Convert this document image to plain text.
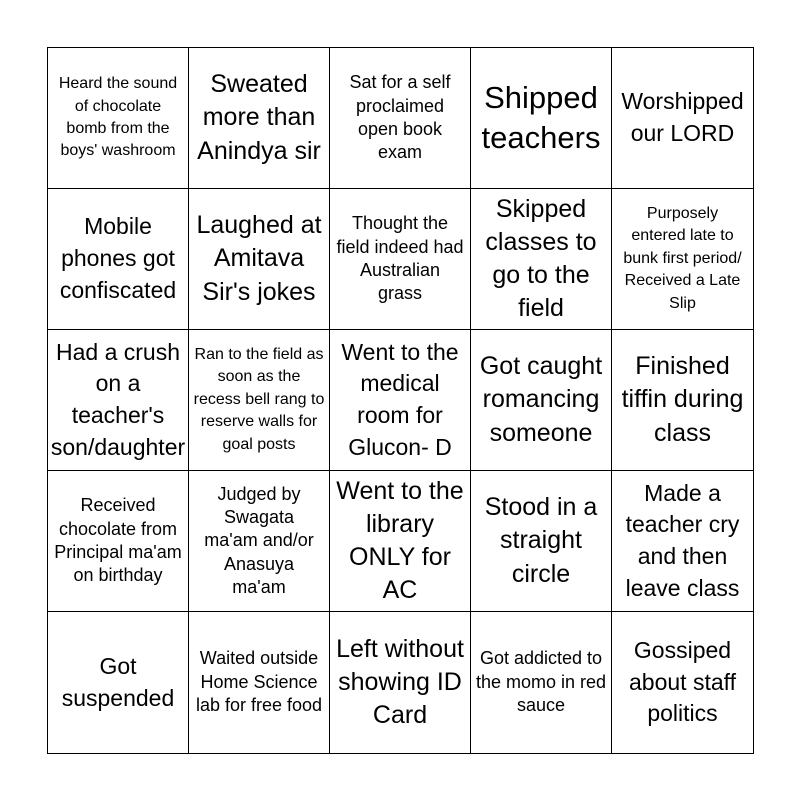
Heard the sound of chocolate bomb from the boys' washroom
Sweated more than Anindya sir
Sat for a self proclaimed open book exam
Shipped teachers
Worshipped our LORD
Mobile phones got confiscated
Laughed at Amitava Sir's jokes
Thought the field indeed had Australian grass
Skipped classes to go to the field
Purposely entered late to bunk first period/ Received a Late Slip
Had a crush on a teacher's son/daughter
Ran to the field as soon as the recess bell rang to reserve walls for goal posts
Went to the medical room for Glucon- D
Got caught romancing someone
Finished tiffin during class
Received chocolate from Principal ma'am on birthday
Judged by Swagata ma'am and/or Anasuya ma'am
Went to the library ONLY for AC
Stood in a straight circle
Made a teacher cry and then leave class
Got suspended
Waited outside Home Science lab for free food
Left without showing ID Card
Got addicted to the momo in red sauce
Gossiped about staff politics
